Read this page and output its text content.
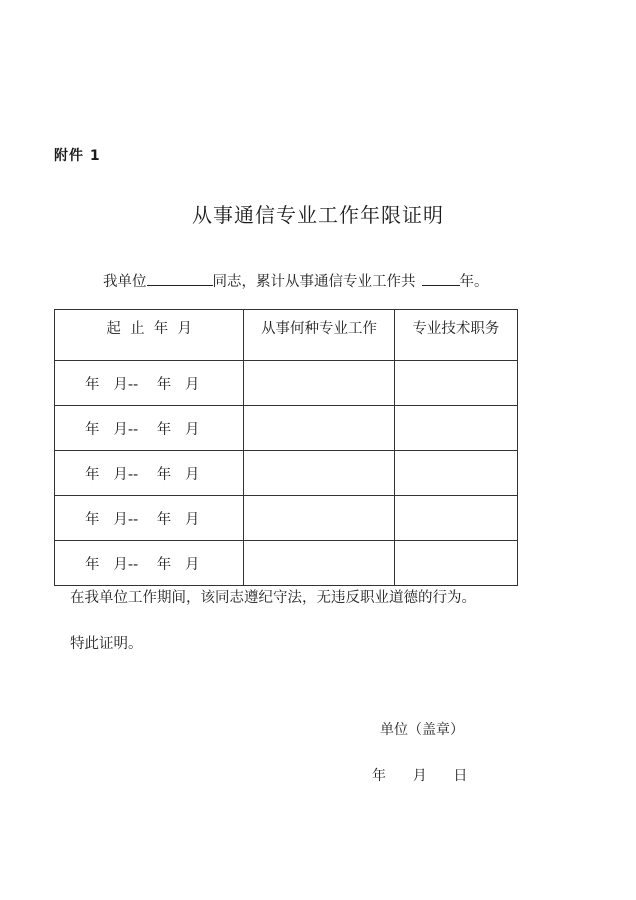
附件 1
从事通信专业工作年限证明
我单位	同志，累计从事通信专业工作共	年。
起  止  年  月	从事何种专业工作	专业技术职务
年   月--    年   月		
年   月--    年   月		
年   月--    年   月		
年   月--    年   月		
年   月--    年   月		
在我单位工作期间，该同志遵纪守法，无违反职业道德的行为。
特此证明。
单位（盖章）
年      月      日
